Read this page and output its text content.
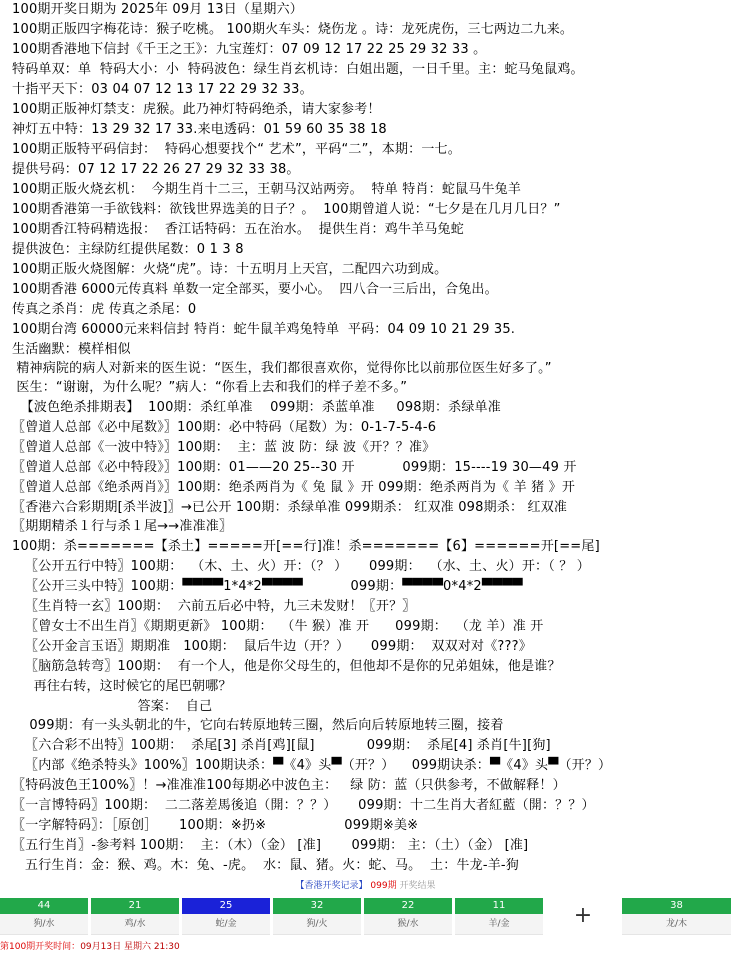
100期开奖日期为 2025年 09月 13日（星期六）
100期正版四字梅花诗：猴子吃桃。 100期火车头：烧伤龙 。诗：龙死虎伤，三七两边二九来。
100期香港地下信封《千王之王》：九宝莲灯：07 09 12 17 22 25 29 32 33 。
特码单双：单  特码大小：小  特码波色：绿生肖玄机诗：白姐出题，一日千里。主：蛇马兔鼠鸡。
十指平天下：03 04 07 12 13 17 22 29 32 33。
100期正版神灯禁支：虎猴。此乃神灯特码绝杀，请大家参考！
神灯五中特：13 29 32 17 33.来电透码：01 59 60 35 38 18
100期正版特平码信封：  特码心想要找个“ 艺术”，平码“二”，本期：一七。
提供号码：07 12 17 22 26 27 29 32 33 38。
100期正版火烧玄机：  今期生肖十二三，王朝马汉站两旁。  特单 特肖：蛇鼠马牛兔羊
100期香港第一手欲钱料：欲钱世界选美的日子？。  100期曾道人说：“七夕是在几月几日？”
100期香江特码精选报：  香江话特码：五在治水。  提供生肖：鸡牛羊马兔蛇
提供波色：主绿防红提供尾数：0 1 3 8
100期正版火烧图解：火烧“虎”。诗：十五明月上天宫，二配四六功到成。
100期香港 6000元传真料 单数一定全部买，要小心。  四八合一三后出，合兔出。
传真之杀肖：虎 传真之杀尾：0
100期台湾 60000元来料信封 特肖：蛇牛鼠羊鸡兔特单  平码：04 09 10 21 29 35.
生活幽默：模样相似
精神病院的病人对新来的医生说：“医生，我们都很喜欢你，觉得你比以前那位医生好多了。”
医生：“谢谢，为什么呢？”病人：“你看上去和我们的样子差不多。”
【波色绝杀排期表】  100期：杀红单准    099期：杀蓝单准     098期：杀绿单准
〖曾道人总部《必中尾数》〗100期：必中特码（尾数）为：0-1-7-5-4-6
〖曾道人总部《一波中特》〗100期：  主：蓝 波 防：绿 波《开？？准》
〖曾道人总部《必中特段》〗100期：01——20 25--30 开           099期：15----19 30—49 开
〖曾道人总部《绝杀两肖》〗100期：绝杀两肖为《 兔 鼠 》开 099期：绝杀两肖为《 羊 猪 》开
〖香港六合彩期期[杀半波]〗→已公开 100期：杀绿单准 099期杀： 红双准 098期杀： 红双准
〖期期精杀１行与杀１尾→→准准准〗
100期：杀=======【杀土】=====开[==行]准！杀=======【6】======开[==尾]
〖公开五行中特〗100期：  （木、土、火）开：（？ ）     099期：  （水、土、火）开：（ ？ ）
〖公开三头中特〗100期：▀▀▀▀1*4*2▀▀▀▀           099期：▀▀▀▀0*4*2▀▀▀▀
〖生肖特一玄〗100期：  六前五后必中特，九三未发财！〖开？〗
〖曾女士不出生肖〗《期期更新》 100期：  （牛 猴）准 开      099期：  （龙 羊）准 开
〖公开金言玉语〗期期准   100期：  鼠后牛边（开？）     099期：  双双对对《???》
〖脑筋急转弯〗100期：  有一个人，他是你父母生的，但他却不是你的兄弟姐妹，他是谁？
再往右转，这时候它的尾巴朝哪？
答案：  自己
099期：有一头头朝北的牛，它向右转原地转三圈，然后向后转原地转三圈，接着
〖六合彩不出特〗100期：  杀尾[3] 杀肖[鸡][鼠]            099期：  杀尾[4] 杀肖[牛][狗]
〖内部《绝杀特头》100%〗100期诀杀：▀《4》头▀（开？）    099期诀杀：▀《4》头▀（开？）
〖特码波色王100%〗！→准准准100每期必中波色主：   绿 防：蓝（只供参考，不做解释！）
〖一言博特码〗100期：  二二落差馬後追（開：？？）     099期：十二生肖大者紅藍（開：？？）
〖一字解特码〗：［原创］     100期：※扔※                  099期※美※
〖五行生肖〗-参考料 100期：  主：（木）（金） [准]       099期： 主：（土）（金） [准]
五行生肖：金：猴、鸡。木：兔、-虎。  水：鼠、猪。火：蛇、马。  土：牛龙-羊-狗
【香港开奖记录】 099期 开奖结果
44
狗/水
21
鸡/水
25
蛇/金
32
狗/火
22
猴/水
11
羊/金	+	38
龙/木
第100期开奖时间：09月13日 星期六 21:30
